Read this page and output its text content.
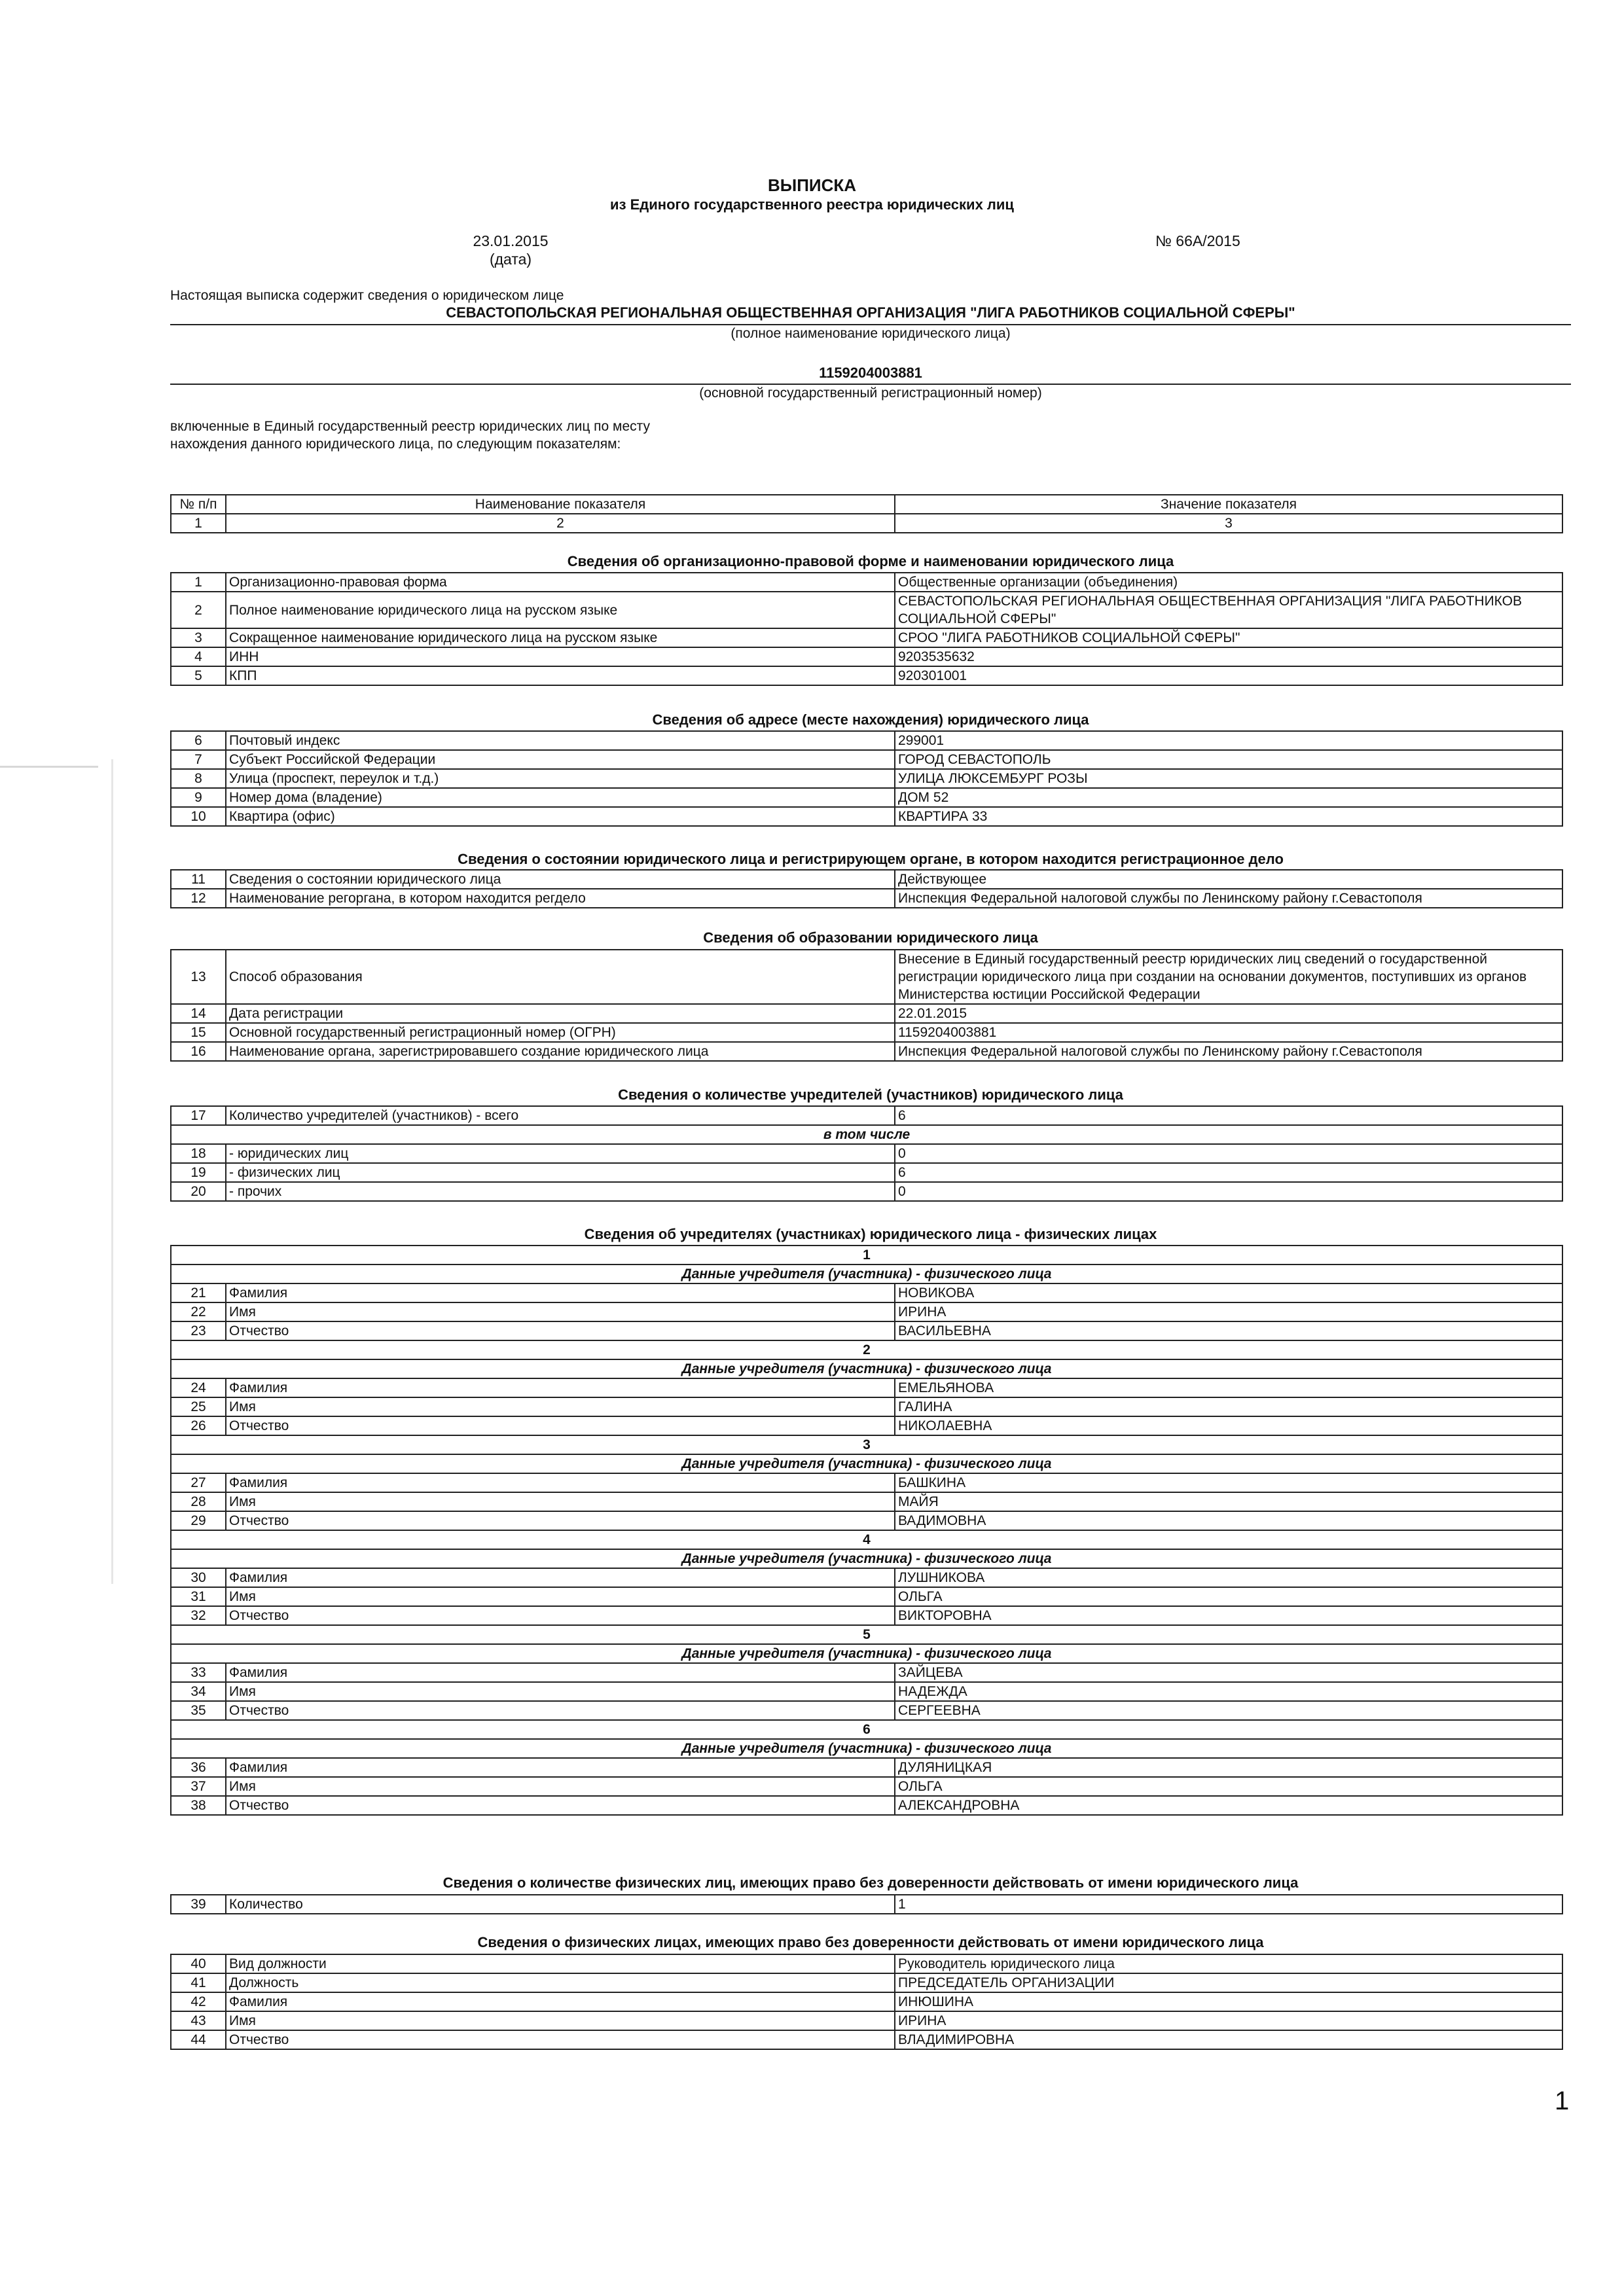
ВЫПИСКА
из Единого государственного реестра юридических лиц
23.01.2015
(дата)
№ 66А/2015
Настоящая выписка содержит сведения о юридическом лице
СЕВАСТОПОЛЬСКАЯ РЕГИОНАЛЬНАЯ ОБЩЕСТВЕННАЯ ОРГАНИЗАЦИЯ "ЛИГА РАБОТНИКОВ СОЦИАЛЬНОЙ СФЕРЫ"
(полное наименование юридического лица)
1159204003881
(основной государственный регистрационный номер)
включенные в Единый государственный реестр юридических лиц по месту
нахождения данного юридического лица, по следующим показателям:
№ п/п	Наименование показателя	Значение показателя
1	2	3
Сведения об организационно-правовой форме и наименовании юридического лица
1	Организационно-правовая форма	Общественные организации (объединения)
2	Полное наименование юридического лица на русском языке	СЕВАСТОПОЛЬСКАЯ РЕГИОНАЛЬНАЯ ОБЩЕСТВЕННАЯ ОРГАНИЗАЦИЯ "ЛИГА РАБОТНИКОВ СОЦИАЛЬНОЙ СФЕРЫ"
3	Сокращенное наименование юридического лица на русском языке	СРОО "ЛИГА РАБОТНИКОВ СОЦИАЛЬНОЙ СФЕРЫ"
4	ИНН	9203535632
5	КПП	920301001
Сведения об адресе (месте нахождения) юридического лица
6	Почтовый индекс	299001
7	Субъект Российской Федерации	ГОРОД СЕВАСТОПОЛЬ
8	Улица (проспект, переулок и т.д.)	УЛИЦА ЛЮКСЕМБУРГ РОЗЫ
9	Номер дома (владение)	ДОМ 52
10	Квартира (офис)	КВАРТИРА 33
Сведения о состоянии юридического лица и регистрирующем органе, в котором находится регистрационное дело
11	Сведения о состоянии юридического лица	Действующее
12	Наименование регоргана, в котором находится регдело	Инспекция Федеральной налоговой службы по Ленинскому району г.Севастополя
Сведения об образовании юридического лица
13	Способ образования	Внесение в Единый государственный реестр юридических лиц сведений о государственной регистрации юридического лица при создании на основании документов, поступивших из органов Министерства юстиции Российской Федерации
14	Дата регистрации	22.01.2015
15	Основной государственный регистрационный номер (ОГРН)	1159204003881
16	Наименование органа, зарегистрировавшего создание юридического лица	Инспекция Федеральной налоговой службы по Ленинскому району г.Севастополя
Сведения о количестве учредителей (участников) юридического лица
17	Количество учредителей (участников) - всего	6
в том числе		
18	- юридических лиц	0
19	- физических лиц	6
20	- прочих	0
Сведения об учредителях (участниках) юридического лица - физических лицах
1		
Данные учредителя (участника) - физического лица		
21	Фамилия	НОВИКОВА
22	Имя	ИРИНА
23	Отчество	ВАСИЛЬЕВНА
2		
Данные учредителя (участника) - физического лица		
24	Фамилия	ЕМЕЛЬЯНОВА
25	Имя	ГАЛИНА
26	Отчество	НИКОЛАЕВНА
3		
Данные учредителя (участника) - физического лица		
27	Фамилия	БАШКИНА
28	Имя	МАЙЯ
29	Отчество	ВАДИМОВНА
4		
Данные учредителя (участника) - физического лица		
30	Фамилия	ЛУШНИКОВА
31	Имя	ОЛЬГА
32	Отчество	ВИКТОРОВНА
5		
Данные учредителя (участника) - физического лица		
33	Фамилия	ЗАЙЦЕВА
34	Имя	НАДЕЖДА
35	Отчество	СЕРГЕЕВНА
6		
Данные учредителя (участника) - физического лица		
36	Фамилия	ДУЛЯНИЦКАЯ
37	Имя	ОЛЬГА
38	Отчество	АЛЕКСАНДРОВНА
Сведения о количестве физических лиц, имеющих право без доверенности действовать от имени юридического лица
39	Количество	1
Сведения о физических лицах, имеющих право без доверенности действовать от имени юридического лица
40	Вид должности	Руководитель юридического лица
41	Должность	ПРЕДСЕДАТЕЛЬ ОРГАНИЗАЦИИ
42	Фамилия	ИНЮШИНА
43	Имя	ИРИНА
44	Отчество	ВЛАДИМИРОВНА
1
